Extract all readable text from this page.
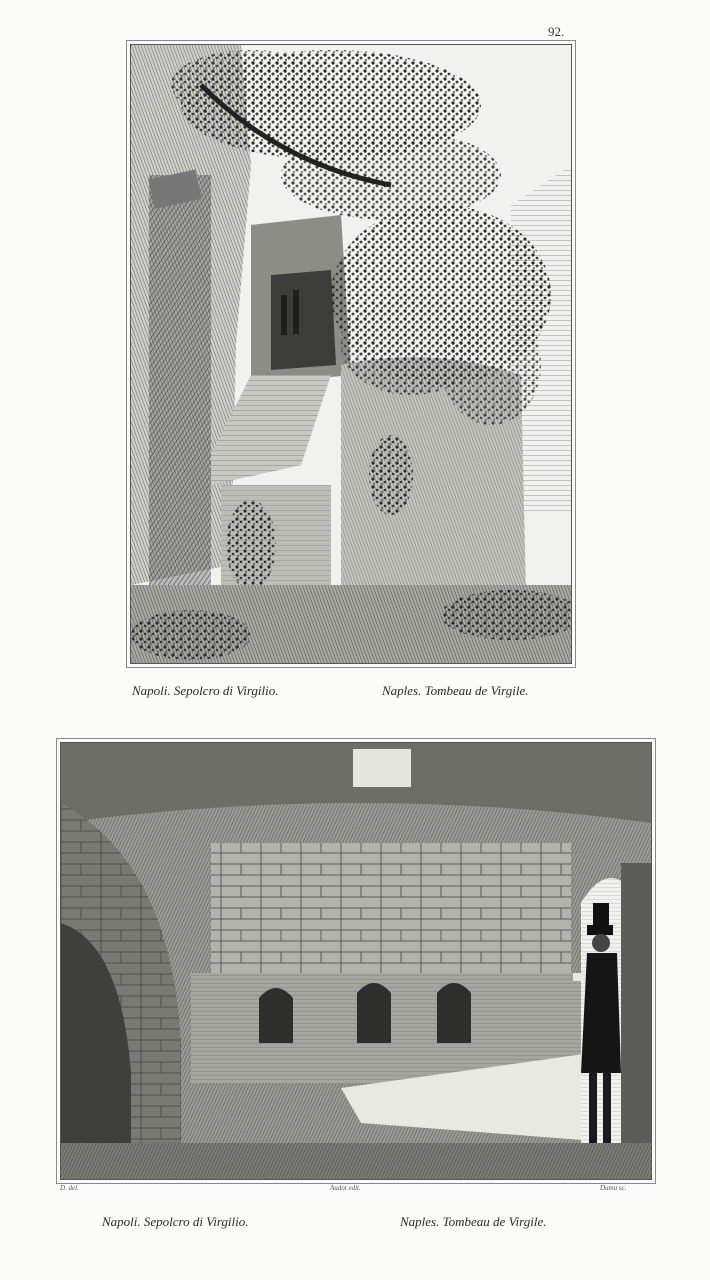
92.
Napoli. Sepolcro di Virgilio.	Naples. Tombeau de Virgile.
D. del.	Audot edit.	Dumu sc.
Napoli. Sepolcro di Virgilio.	Naples. Tombeau de Virgile.
